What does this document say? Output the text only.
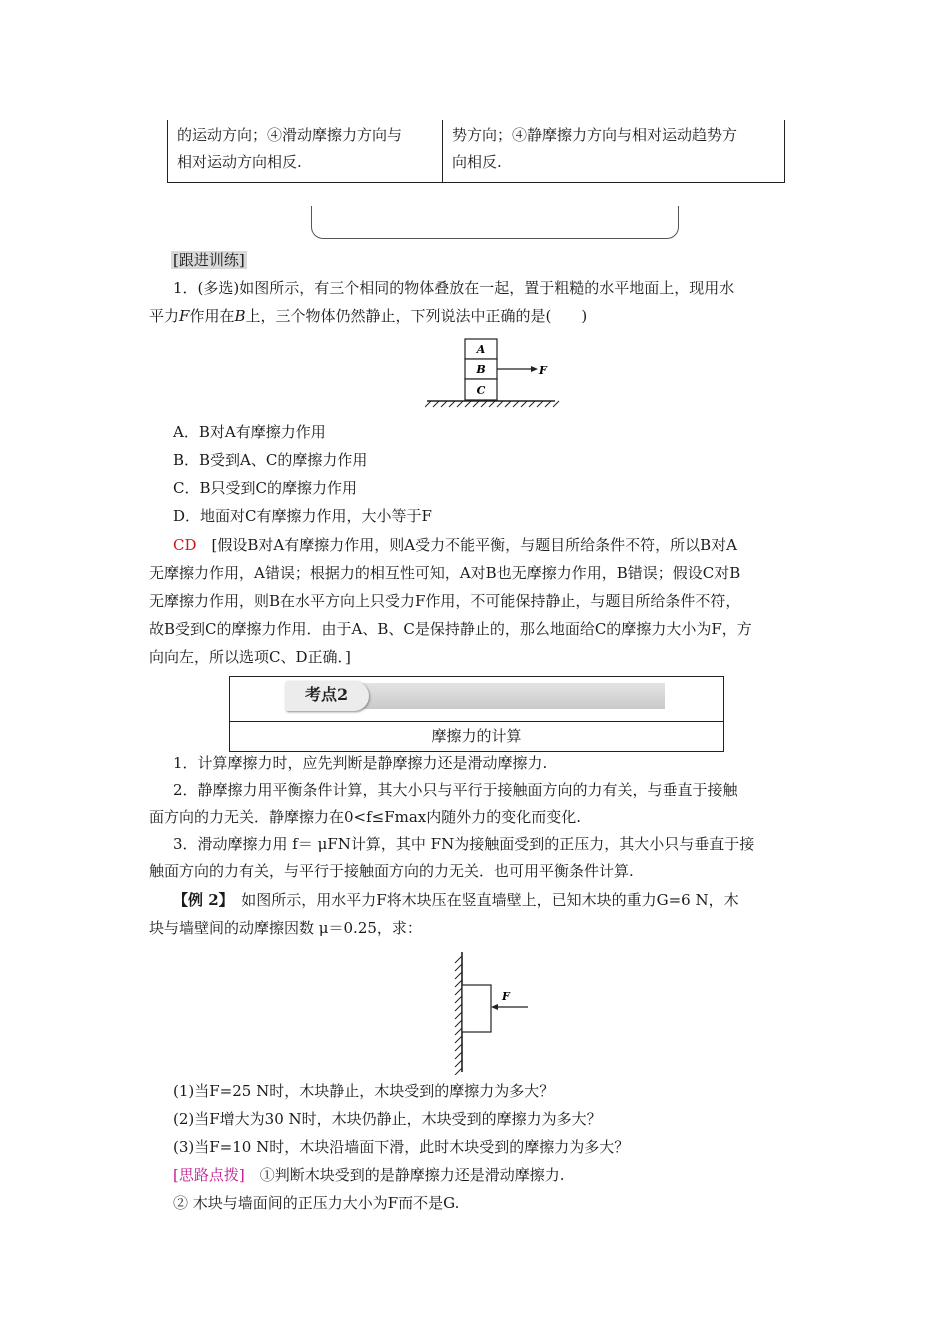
的运动方向；④滑动摩擦力方向与
相对运动方向相反.
势方向；④静摩擦力方向与相对运动趋势方
向相反.
[跟进训练]
1．(多选)如图所示，有三个相同的物体叠放在一起，置于粗糙的水平地面上，现用水
平力F作用在B上，三个物体仍然静止，下列说法中正确的是(　　)
A
B
C
F
A．B对A有摩擦力作用
B．B受到A、C的摩擦力作用
C．B只受到C的摩擦力作用
D．地面对C有摩擦力作用，大小等于F
CD　 [假设B对A有摩擦力作用，则A受力不能平衡，与题目所给条件不符，所以B对A
无摩擦力作用，A错误；根据力的相互性可知，A对B也无摩擦力作用，B错误；假设C对B
无摩擦力作用，则B在水平方向上只受力F作用，不可能保持静止，与题目所给条件不符，
故B受到C的摩擦力作用．由于A、B、C是保持静止的，那么地面给C的摩擦力大小为F，方
向向左，所以选项C、D正确．]
考点2
摩擦力的计算
1．计算摩擦力时，应先判断是静摩擦力还是滑动摩擦力.
2．静摩擦力用平衡条件计算，其大小只与平行于接触面方向的力有关，与垂直于接触
面方向的力无关．静摩擦力在0<f≤Fmax内随外力的变化而变化.
3．滑动摩擦力用 f＝ μFN计算，其中 FN为接触面受到的正压力，其大小只与垂直于接
触面方向的力有关，与平行于接触面方向的力无关．也可用平衡条件计算.
【例 2】　 如图所示，用水平力F将木块压在竖直墙壁上，已知木块的重力G=6 N，木
块与墙壁间的动摩擦因数 μ＝0.25，求：
F
(1)当F=25 N时，木块静止，木块受到的摩擦力为多大？
(2)当F增大为30 N时，木块仍静止，木块受到的摩擦力为多大？
(3)当F=10 N时，木块沿墙面下滑，此时木块受到的摩擦力为多大？
[思路点拨]　 ①判断木块受到的是静摩擦力还是滑动摩擦力.
② 木块与墙面间的正压力大小为F而不是G.
